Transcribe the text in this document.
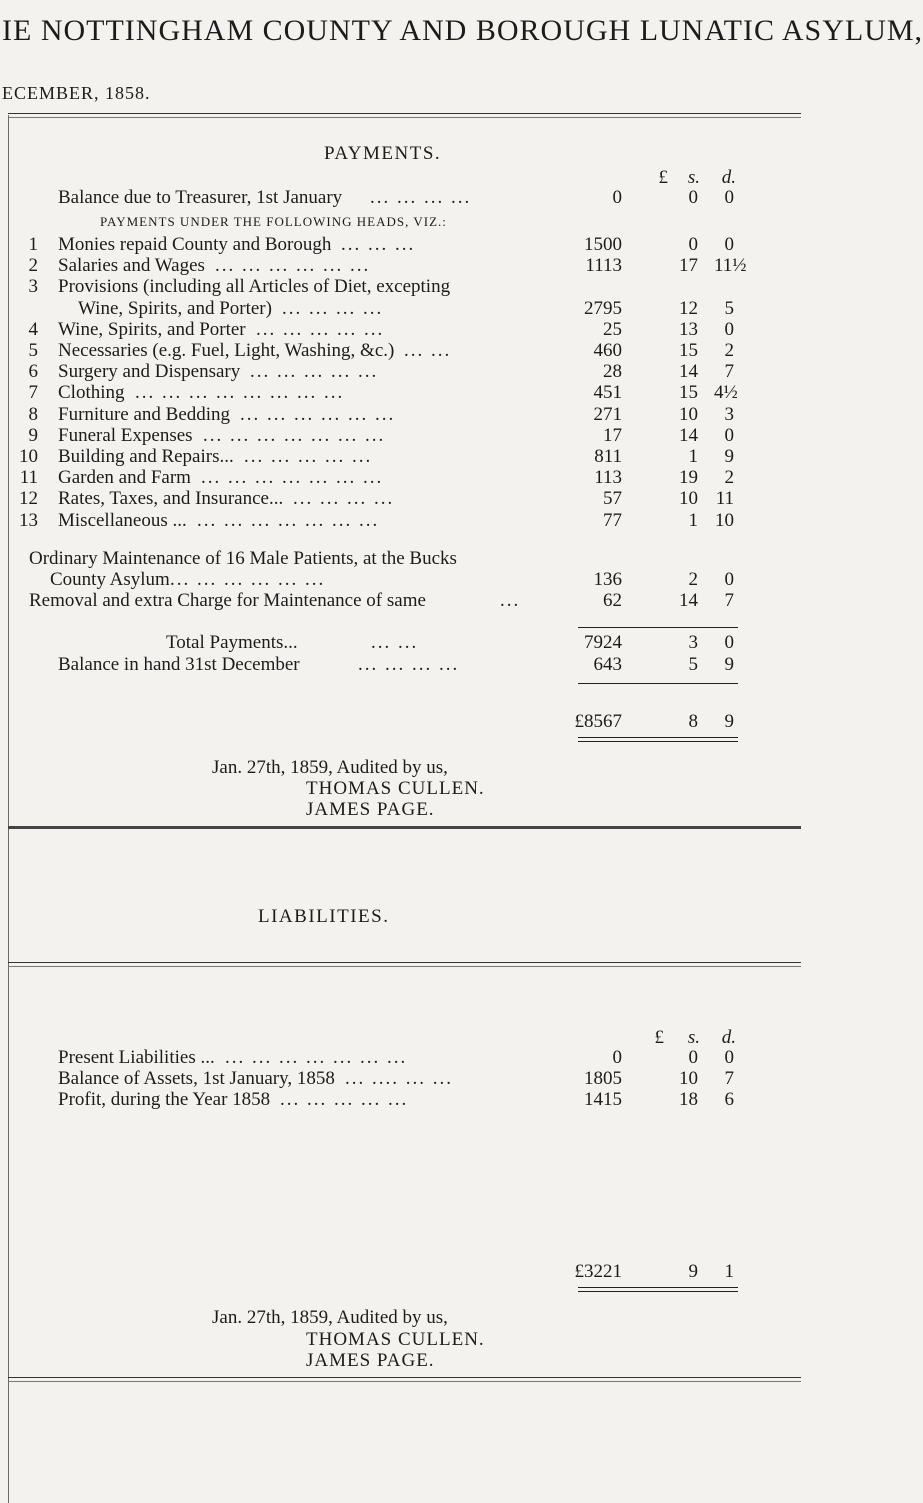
IE NOTTINGHAM COUNTY AND BOROUGH LUNATIC ASYLUM,
ECEMBER, 1858.
PAYMENTS.
£	s.	d.
Balance due to Treasurer, 1st January ... ... ... ...	0	0	0
PAYMENTS UNDER THE FOLLOWING HEADS, VIZ.:
1 Monies repaid County and Borough ... ... ...	1500	0	0
2 Salaries and Wages ... ... ... ... ... ...	1113	17 11½
3 Provisions (including all Articles of Diet, excepting
Wine, Spirits, and Porter) ... ... ... ...	2795	12	5
4 Wine, Spirits, and Porter ... ... ... ... ...	25	13	0
5 Necessaries (e.g. Fuel, Light, Washing, &c.) ... ...	460	15	2
6 Surgery and Dispensary ... ... ... ... ...	28	14	7
7 Clothing ... ... ... ... ... ... ... ...	451	15 4½
8 Furniture and Bedding ... ... ... ... ... ...	271	10	3
9 Funeral Expenses ... ... ... ... ... ... ...	17	14	0
10 Building and Repairs... ... ... ... ... ...	811	1	9
11 Garden and Farm ... ... ... ... ... ... ...	113	19	2
12 Rates, Taxes, and Insurance... ... ... ... ...	57	10 11
13 Miscellaneous ... ... ... ... ... ... ... ...	77	1 10
Ordinary Maintenance of 16 Male Patients, at the Bucks
County Asylum ... ... ... ... ... ...	136	2	0
Removal and extra Charge for Maintenance of same	...	62	14	7
Total Payments...	... ...	7924	3	0
Balance in hand 31st December	... ... ... ...	643	5	9
£8567	8	9
Jan. 27th, 1859, Audited by us,
THOMAS CULLEN.
JAMES PAGE.
LIABILITIES.
£	s.	d.
Present Liabilities ... ... ... ... ... ... ... ...	0	0	0
Balance of Assets, 1st January, 1858 ... .... ... ...	1805	10	7
Profit, during the Year 1858 ... ... ... ... ...	1415	18	6
£3221	9	1
Jan. 27th, 1859, Audited by us,
THOMAS CULLEN.
JAMES PAGE.
